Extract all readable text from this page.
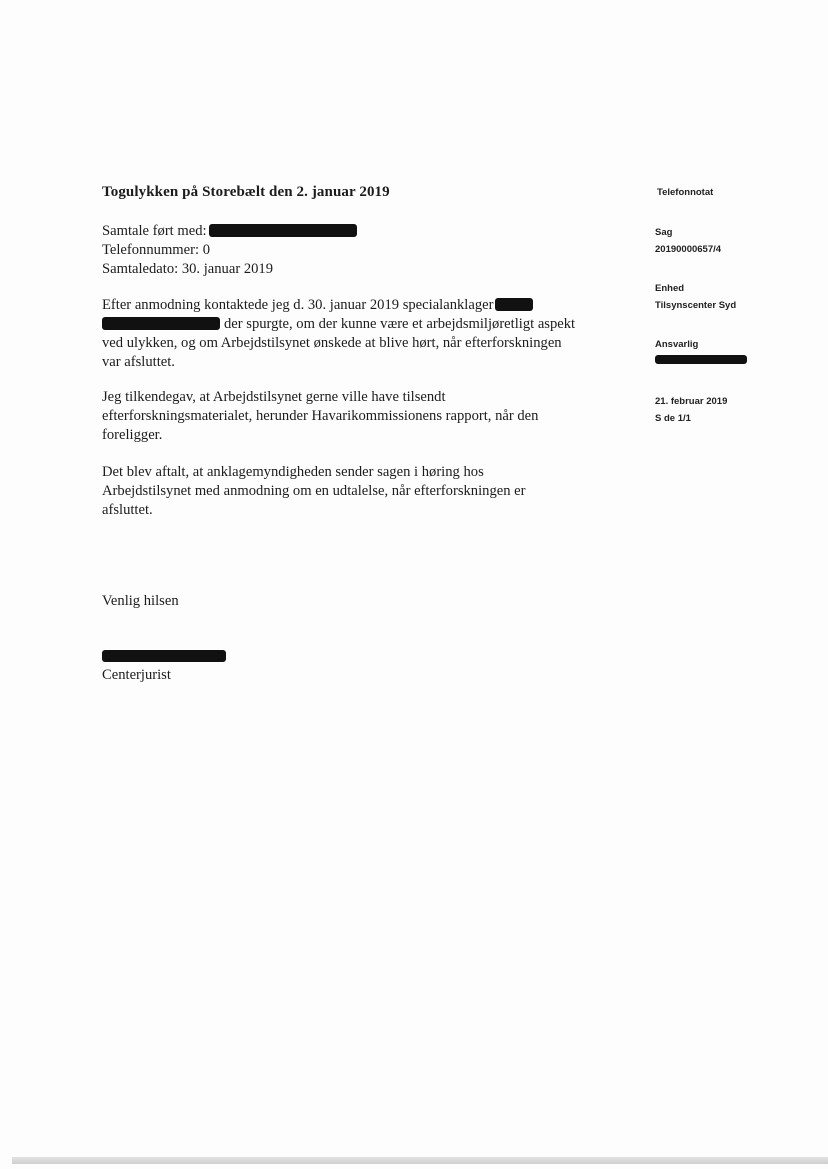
Togulykken på Storebælt den 2. januar 2019
Samtale ført med:
Telefonnummer: 0
Samtaledato: 30. januar 2019
Efter anmodning kontaktede jeg d. 30. januar 2019 specialanklager
der spurgte, om der kunne være et arbejdsmiljøretligt aspekt
ved ulykken, og om Arbejdstilsynet ønskede at blive hørt, når efterforskningen
var afsluttet.
Jeg tilkendegav, at Arbejdstilsynet gerne ville have tilsendt
efterforskningsmaterialet, herunder Havarikommissionens rapport, når den
foreligger.
Det blev aftalt, at anklagemyndigheden sender sagen i høring hos
Arbejdstilsynet med anmodning om en udtalelse, når efterforskningen er
afsluttet.
Venlig hilsen
Centerjurist
Telefonnotat
Sag
20190000657/4
Enhed
Tilsynscenter Syd
Ansvarlig
21. februar 2019
S de 1/1
